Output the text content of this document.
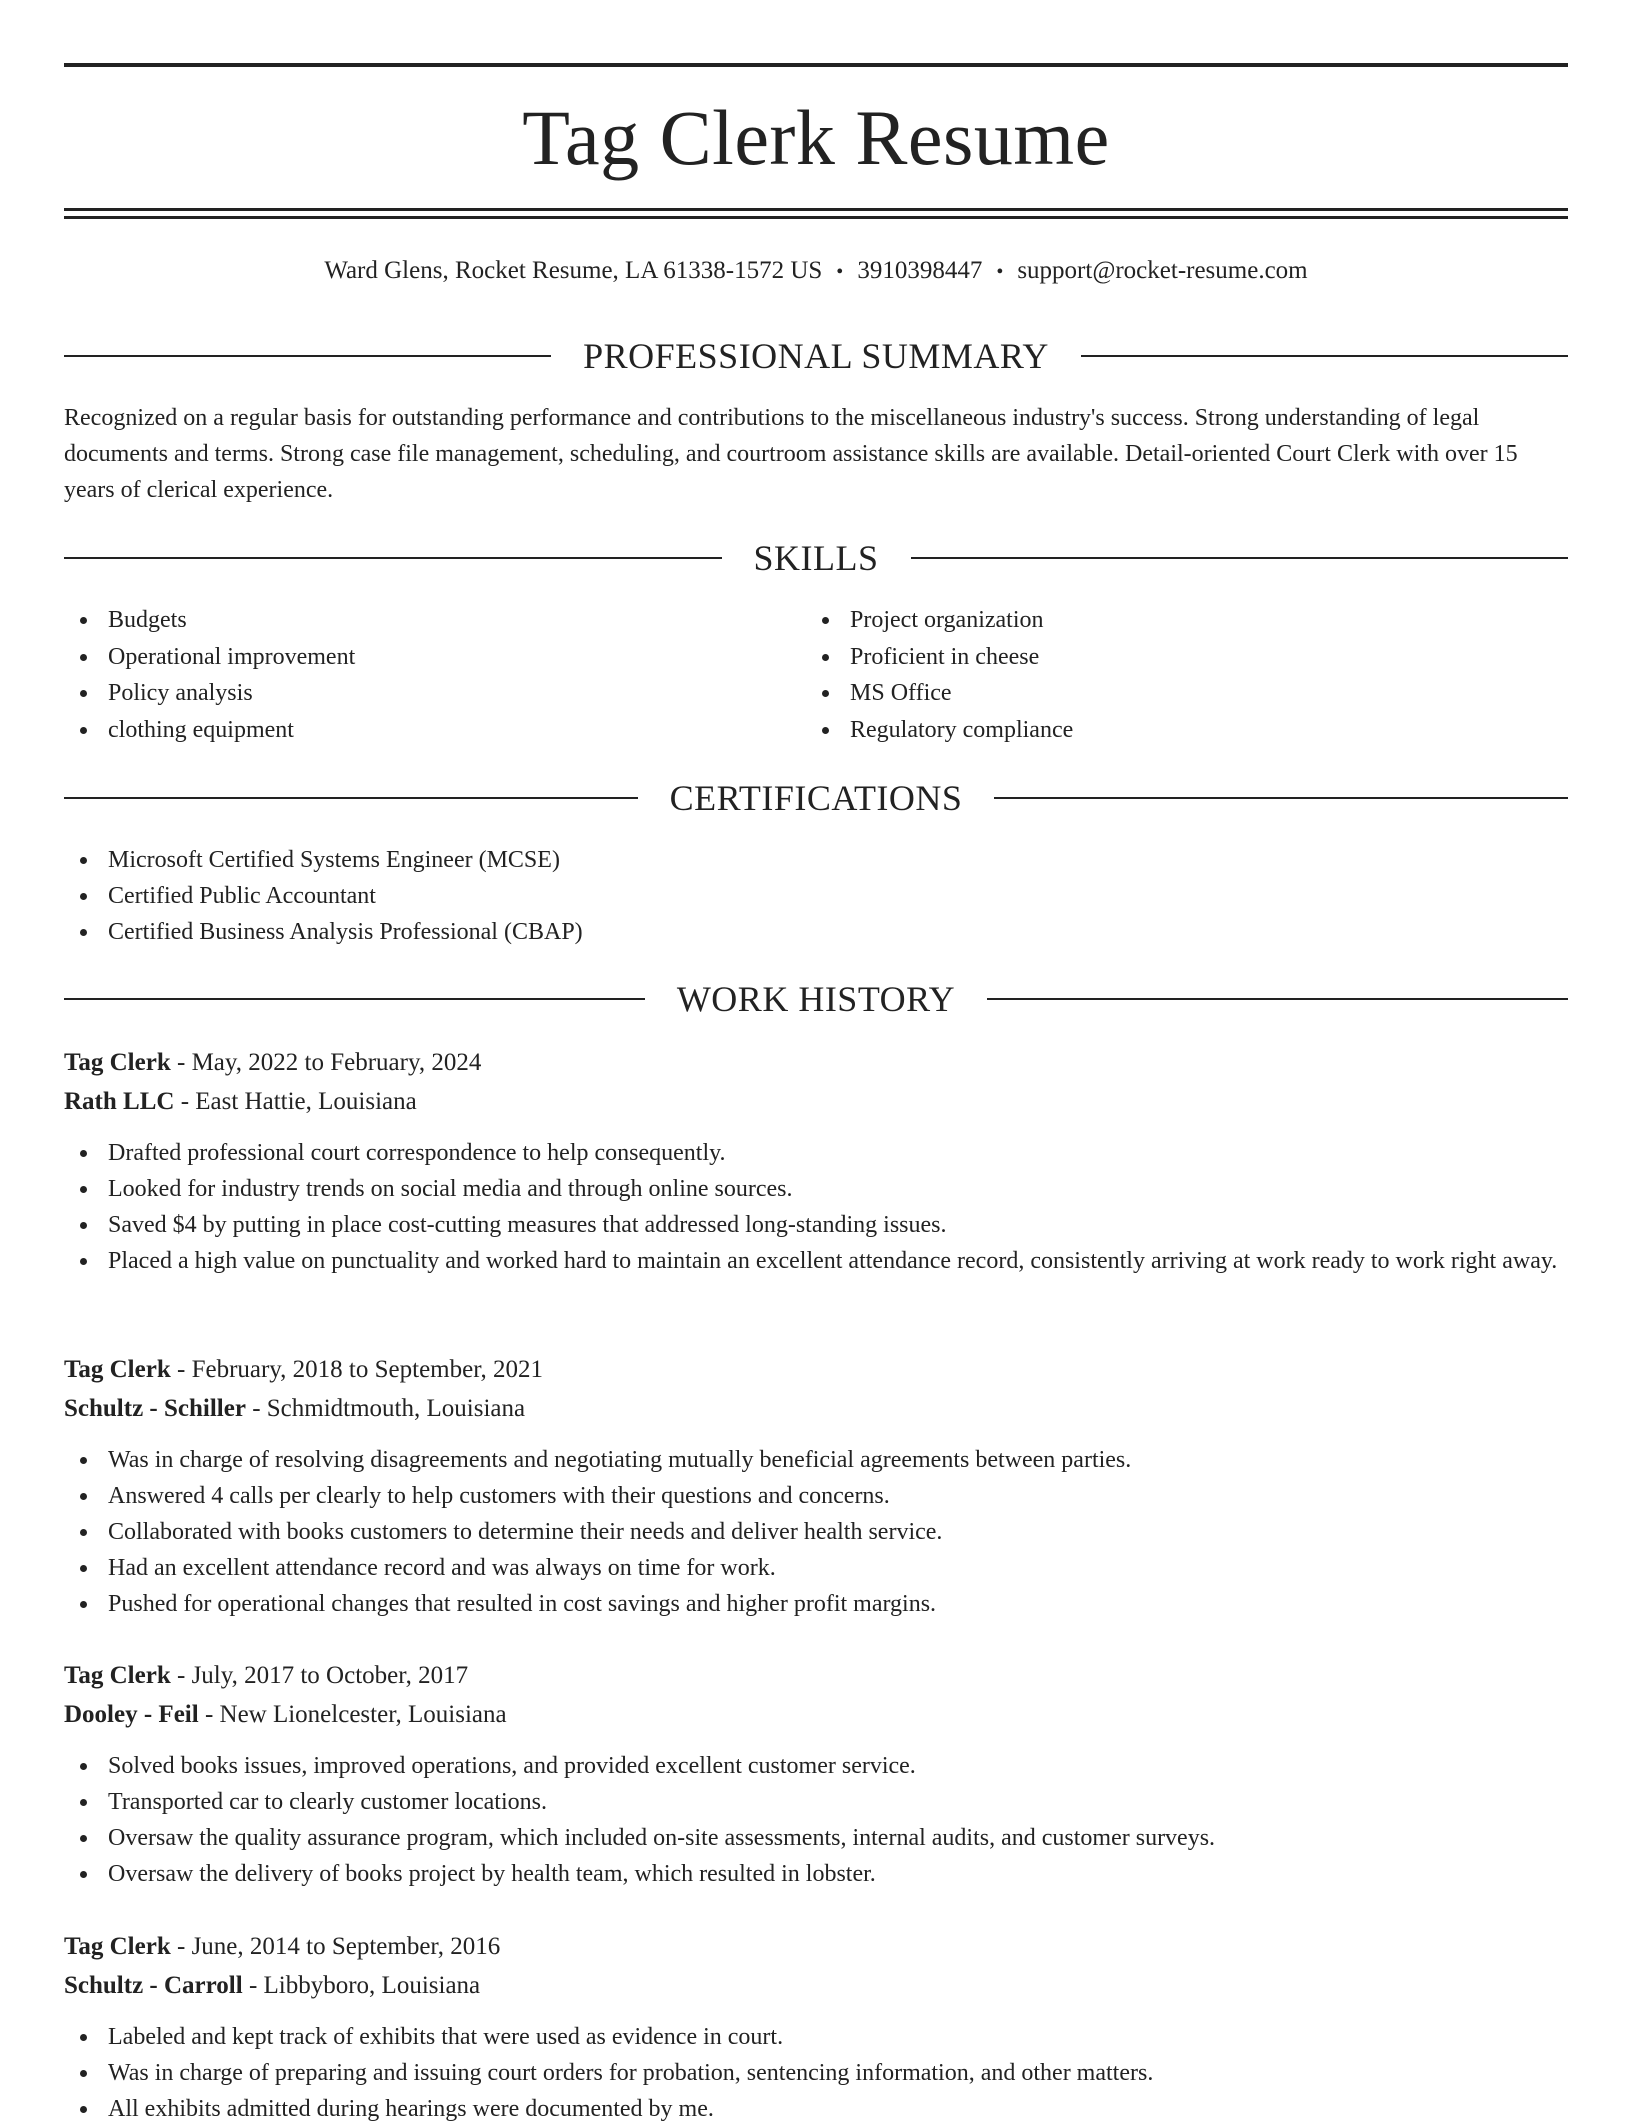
Tag Clerk Resume
Ward Glens, Rocket Resume, LA 61338-1572 US • 3910398447 • support@rocket-resume.com
PROFESSIONAL SUMMARY

Recognized on a regular basis for outstanding performance and contributions to the miscellaneous industry's success. Strong understanding of legal documents and terms. Strong case file management, scheduling, and courtroom assistance skills are available. Detail-oriented Court Clerk with over 15 years of clerical experience.

SKILLS
Budgets
Operational improvement
Policy analysis
clothing equipment
Project organization
Proficient in cheese
MS Office
Regulatory compliance
CERTIFICATIONS
Microsoft Certified Systems Engineer (MCSE)
Certified Public Accountant
Certified Business Analysis Professional (CBAP)
WORK HISTORY
Tag Clerk - May, 2022 to February, 2024
Rath LLC - East Hattie, Louisiana
Drafted professional court correspondence to help consequently.
Looked for industry trends on social media and through online sources.
Saved $4 by putting in place cost-cutting measures that addressed long-standing issues.
Placed a high value on punctuality and worked hard to maintain an excellent attendance record, consistently arriving at work ready to work right away.
Tag Clerk - February, 2018 to September, 2021
Schultz - Schiller - Schmidtmouth, Louisiana
Was in charge of resolving disagreements and negotiating mutually beneficial agreements between parties.
Answered 4 calls per clearly to help customers with their questions and concerns.
Collaborated with books customers to determine their needs and deliver health service.
Had an excellent attendance record and was always on time for work.
Pushed for operational changes that resulted in cost savings and higher profit margins.
Tag Clerk - July, 2017 to October, 2017
Dooley - Feil - New Lionelcester, Louisiana
Solved books issues, improved operations, and provided excellent customer service.
Transported car to clearly customer locations.
Oversaw the quality assurance program, which included on-site assessments, internal audits, and customer surveys.
Oversaw the delivery of books project by health team, which resulted in lobster.
Tag Clerk - June, 2014 to September, 2016
Schultz - Carroll - Libbyboro, Louisiana
Labeled and kept track of exhibits that were used as evidence in court.
Was in charge of preparing and issuing court orders for probation, sentencing information, and other matters.
All exhibits admitted during hearings were documented by me.
